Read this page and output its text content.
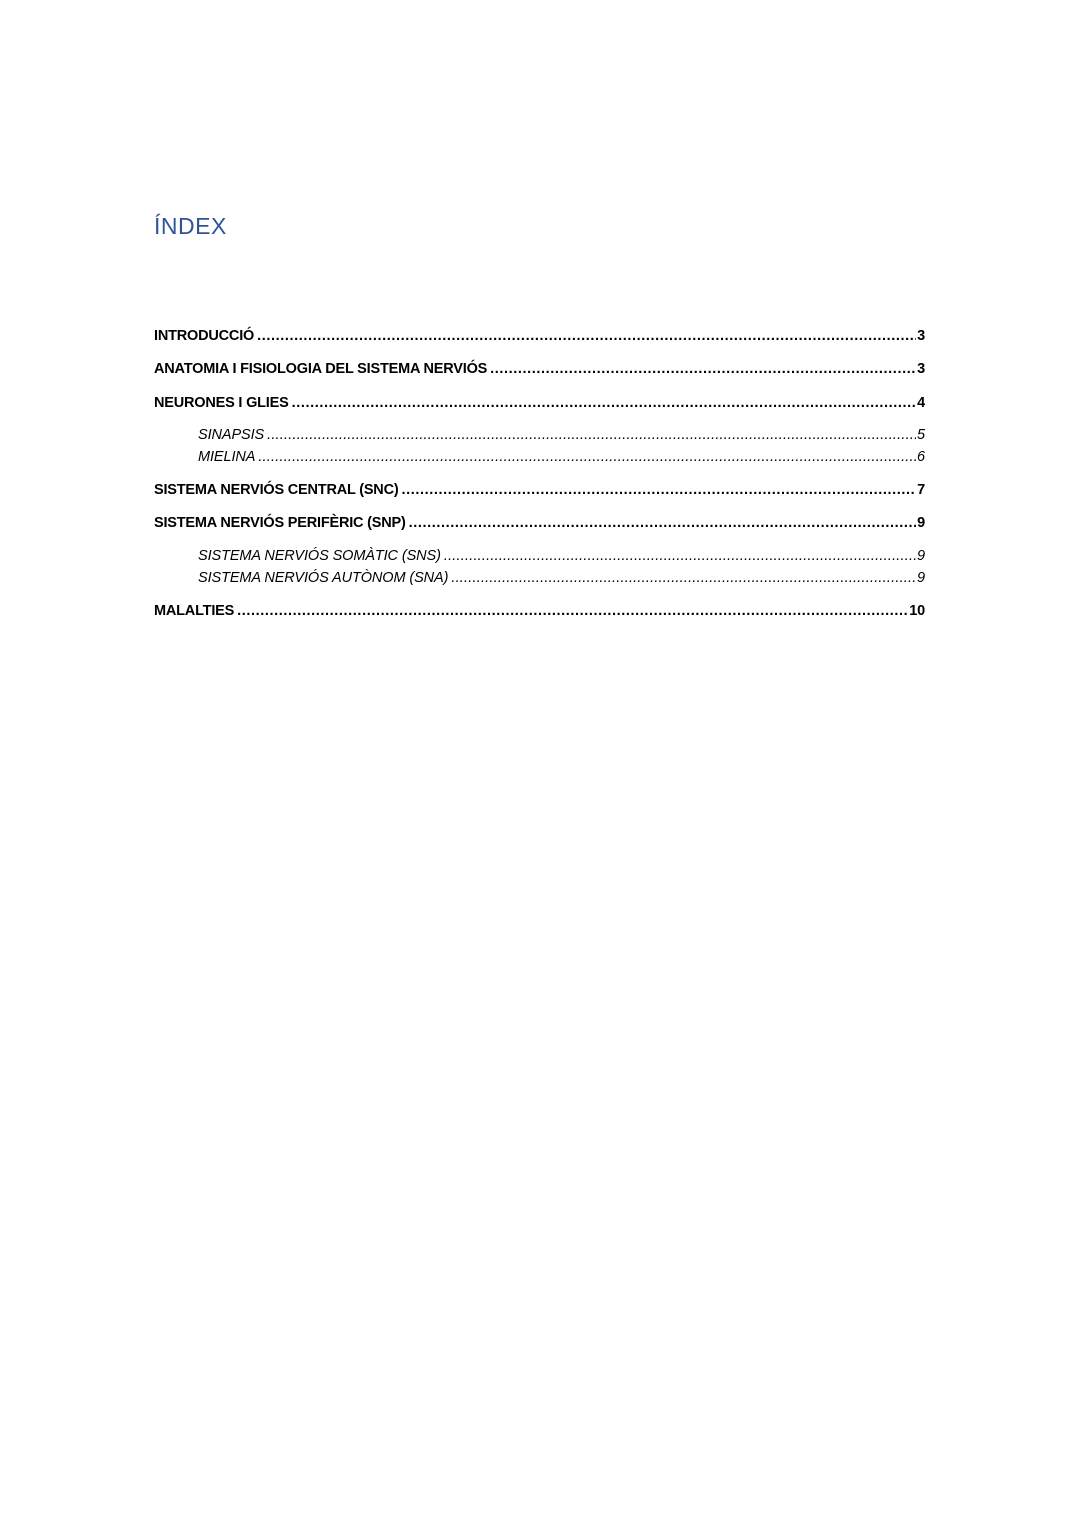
ÍNDEX
INTRODUCCIÓ .....	3
ANATOMIA I FISIOLOGIA DEL SISTEMA NERVIÓS .....	3
NEURONES I GLIES .....	4
SINAPSIS .....	5
MIELINA .....	6
SISTEMA NERVIÓS CENTRAL (SNC) .....	7
SISTEMA NERVIÓS PERIFÈRIC (SNP) .....	9
SISTEMA NERVIÓS SOMÀTIC (SNS) .....	9
SISTEMA NERVIÓS AUTÒNOM (SNA) .....	9
MALALTIES .....	10
